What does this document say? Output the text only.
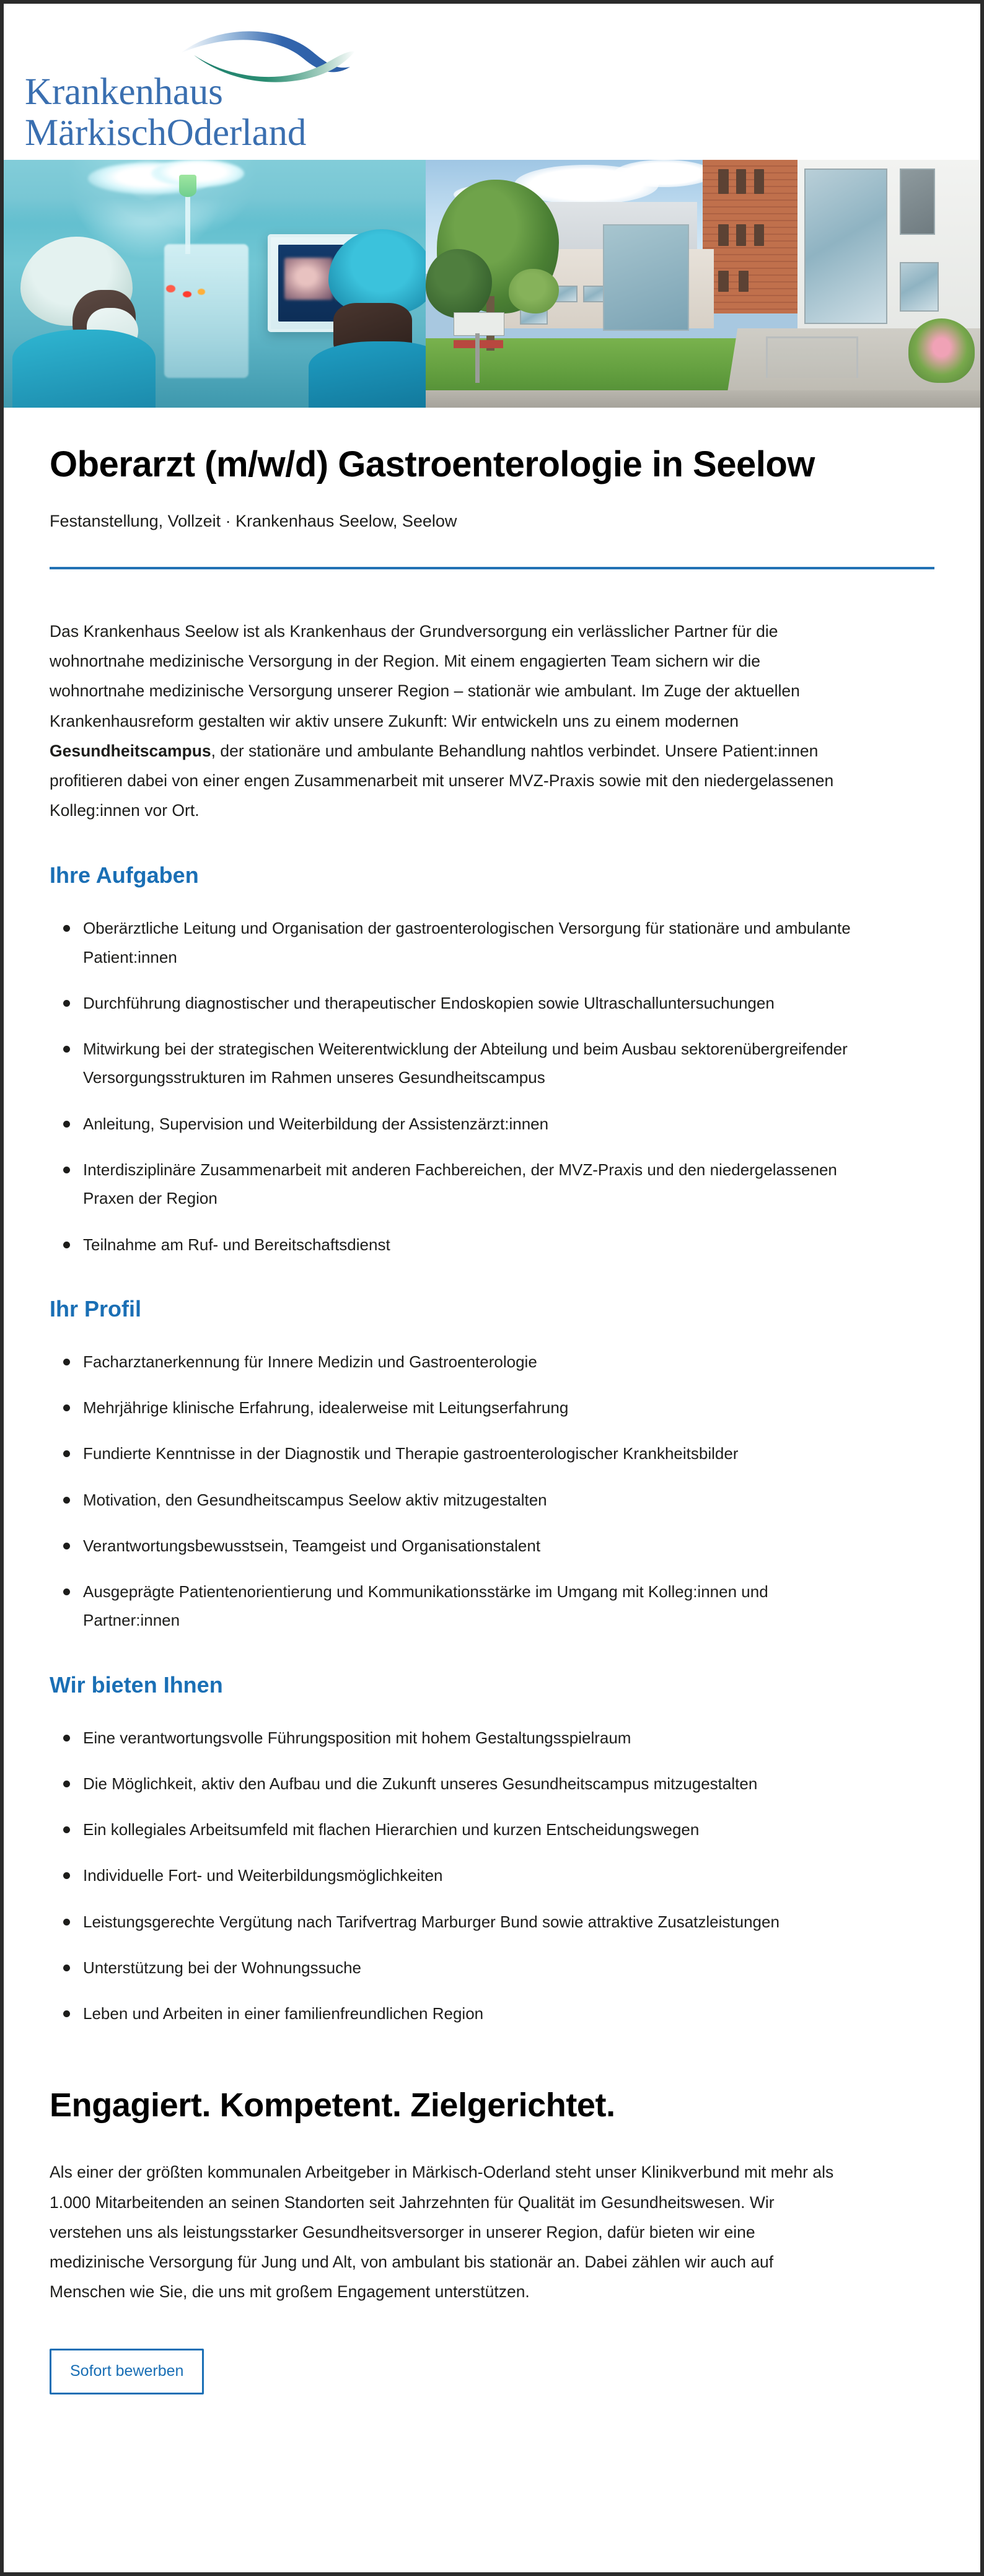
Krankenhaus
MärkischOderland
Oberarzt (m/w/d) Gastroenterologie in Seelow
Festanstellung, Vollzeit · Krankenhaus Seelow, Seelow

Das Krankenhaus Seelow ist als Krankenhaus der Grundversorgung ein verlässlicher Partner für die wohnortnahe medizinische Versorgung in der Region. Mit einem engagierten Team sichern wir die wohnortnahe medizinische Versorgung unserer Region – stationär wie ambulant. Im Zuge der aktuellen Krankenhausreform gestalten wir aktiv unsere Zukunft: Wir entwickeln uns zu einem modernen Gesundheitscampus, der stationäre und ambulante Behandlung nahtlos verbindet. Unsere Patient:innen profitieren dabei von einer engen Zusammenarbeit mit unserer MVZ-Praxis sowie mit den niedergelassenen Kolleg:innen vor Ort.

Ihre Aufgaben
Oberärztliche Leitung und Organisation der gastroenterologischen Versorgung für stationäre und ambulante Patient:innen
Durchführung diagnostischer und therapeutischer Endoskopien sowie Ultraschalluntersuchungen
Mitwirkung bei der strategischen Weiterentwicklung der Abteilung und beim Ausbau sektorenübergreifender Versorgungsstrukturen im Rahmen unseres Gesundheitscampus
Anleitung, Supervision und Weiterbildung der Assistenzärzt:innen
Interdisziplinäre Zusammenarbeit mit anderen Fachbereichen, der MVZ-Praxis und den niedergelassenen Praxen der Region
Teilnahme am Ruf- und Bereitschaftsdienst
Ihr Profil
Facharztanerkennung für Innere Medizin und Gastroenterologie
Mehrjährige klinische Erfahrung, idealerweise mit Leitungserfahrung
Fundierte Kenntnisse in der Diagnostik und Therapie gastroenterologischer Krankheitsbilder
Motivation, den Gesundheitscampus Seelow aktiv mitzugestalten
Verantwortungsbewusstsein, Teamgeist und Organisationstalent
Ausgeprägte Patientenorientierung und Kommunikationsstärke im Umgang mit Kolleg:innen und Partner:innen
Wir bieten Ihnen
Eine verantwortungsvolle Führungsposition mit hohem Gestaltungsspielraum
Die Möglichkeit, aktiv den Aufbau und die Zukunft unseres Gesundheitscampus mitzugestalten
Ein kollegiales Arbeitsumfeld mit flachen Hierarchien und kurzen Entscheidungswegen
Individuelle Fort- und Weiterbildungsmöglichkeiten
Leistungsgerechte Vergütung nach Tarifvertrag Marburger Bund sowie attraktive Zusatzleistungen
Unterstützung bei der Wohnungssuche
Leben und Arbeiten in einer familienfreundlichen Region
Engagiert. Kompetent. Zielgerichtet.

Als einer der größten kommunalen Arbeitgeber in Märkisch-Oderland steht unser Klinikverbund mit mehr als 1.000 Mitarbeitenden an seinen Standorten seit Jahrzehnten für Qualität im Gesundheitswesen. Wir verstehen uns als leistungsstarker Gesundheitsversorger in unserer Region, dafür bieten wir eine medizinische Versorgung für Jung und Alt, von ambulant bis stationär an. Dabei zählen wir auch auf Menschen wie Sie, die uns mit großem Engagement unterstützen.

Sofort bewerben
